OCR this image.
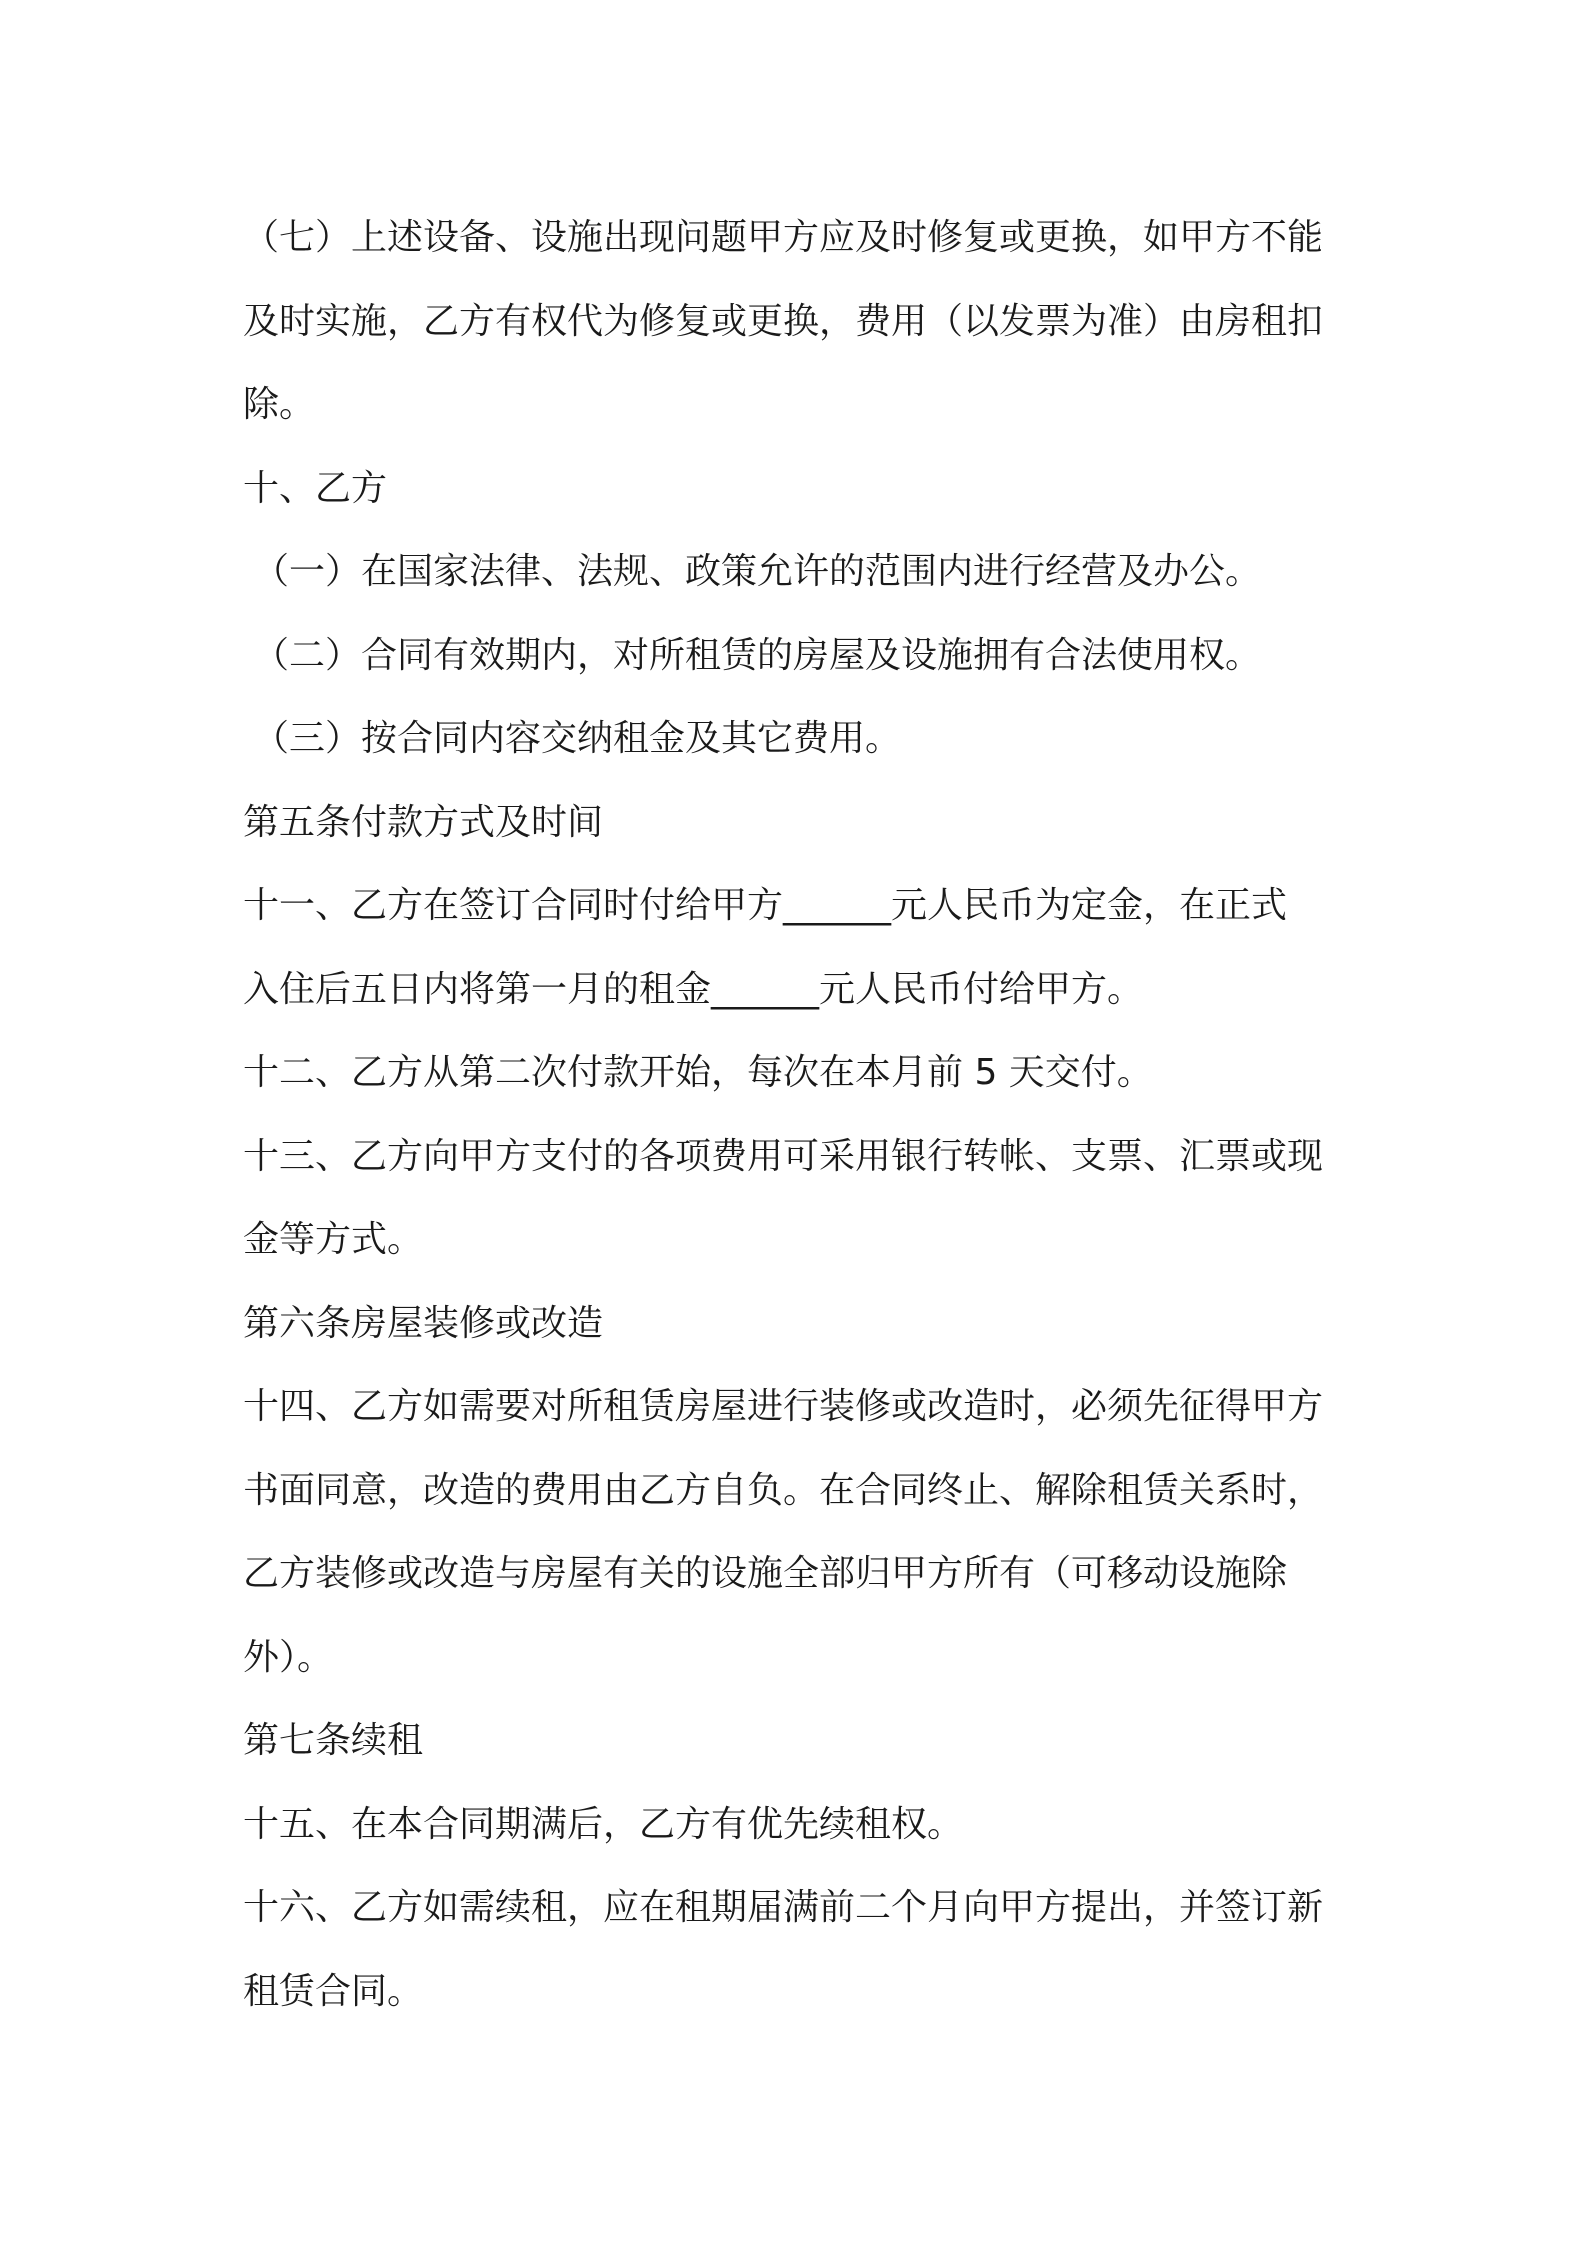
（七）上述设备、设施出现问题甲方应及时修复或更换，如甲方不能

及时实施，乙方有权代为修复或更换，费用（以发票为准）由房租扣

除。

十、乙方

（一）在国家法律、法规、政策允许的范围内进行经营及办公。

（二）合同有效期内，对所租赁的房屋及设施拥有合法使用权。

（三）按合同内容交纳租金及其它费用。

第五条付款方式及时间

十一、乙方在签订合同时付给甲方______元人民币为定金，在正式

入住后五日内将第一月的租金______元人民币付给甲方。

十二、乙方从第二次付款开始，每次在本月前 5 天交付。

十三、乙方向甲方支付的各项费用可采用银行转帐、支票、汇票或现

金等方式。

第六条房屋装修或改造

十四、乙方如需要对所租赁房屋进行装修或改造时，必须先征得甲方

书面同意，改造的费用由乙方自负。在合同终止、解除租赁关系时，

乙方装修或改造与房屋有关的设施全部归甲方所有（可移动设施除

外）。

第七条续租

十五、在本合同期满后，乙方有优先续租权。

十六、乙方如需续租，应在租期届满前二个月向甲方提出，并签订新

租赁合同。
